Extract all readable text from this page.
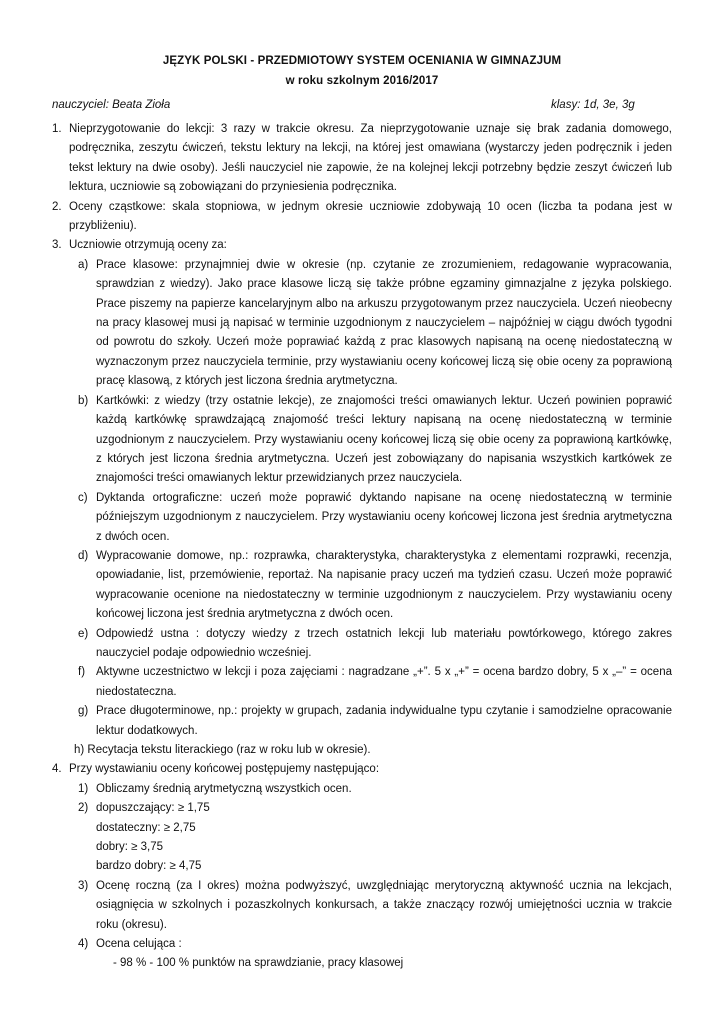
JĘZYK POLSKI - PRZEDMIOTOWY SYSTEM OCENIANIA W GIMNAZJUM
w roku szkolnym 2016/2017
nauczyciel: Beata Zioła	klasy: 1d, 3e, 3g
1. Nieprzygotowanie do lekcji: 3 razy w trakcie okresu. Za nieprzygotowanie uznaje się brak zadania domowego, podręcznika, zeszytu ćwiczeń, tekstu lektury na lekcji, na której jest omawiana (wystarczy jeden podręcznik i jeden tekst lektury na dwie osoby). Jeśli nauczyciel nie zapowie, że na kolejnej lekcji potrzebny będzie zeszyt ćwiczeń lub lektura, uczniowie są zobowiązani do przyniesienia podręcznika.
2. Oceny cząstkowe: skala stopniowa, w jednym okresie uczniowie zdobywają 10 ocen (liczba ta podana jest w przybliżeniu).
3. Uczniowie otrzymują oceny za:
a) Prace klasowe: przynajmniej dwie w okresie (np. czytanie ze zrozumieniem, redagowanie wypracowania, sprawdzian z wiedzy). Jako prace klasowe liczą się także próbne egzaminy gimnazjalne z języka polskiego. Prace piszemy na papierze kancelaryjnym albo na arkuszu przygotowanym przez nauczyciela. Uczeń nieobecny na pracy klasowej musi ją napisać w terminie uzgodnionym z nauczycielem – najpóźniej w ciągu dwóch tygodni od powrotu do szkoły. Uczeń może poprawiać każdą z prac klasowych napisaną na ocenę niedostateczną w wyznaczonym przez nauczyciela terminie, przy wystawianiu oceny końcowej liczą się obie oceny za poprawioną pracę klasową, z których jest liczona średnia arytmetyczna.
b) Kartkówki: z wiedzy (trzy ostatnie lekcje), ze znajomości treści omawianych lektur. Uczeń powinien poprawić każdą kartkówkę sprawdzającą znajomość treści lektury napisaną na ocenę niedostateczną w terminie uzgodnionym z nauczycielem. Przy wystawianiu oceny końcowej liczą się obie oceny za poprawioną kartkówkę, z których jest liczona średnia arytmetyczna. Uczeń jest zobowiązany do napisania wszystkich kartkówek ze znajomości treści omawianych lektur przewidzianych przez nauczyciela.
c) Dyktanda ortograficzne: uczeń może poprawić dyktando napisane na ocenę niedostateczną w terminie późniejszym uzgodnionym z nauczycielem. Przy wystawianiu oceny końcowej liczona jest średnia arytmetyczna z dwóch ocen.
d) Wypracowanie domowe, np.: rozprawka, charakterystyka, charakterystyka z elementami rozprawki, recenzja, opowiadanie, list, przemówienie, reportaż. Na napisanie pracy uczeń ma tydzień czasu. Uczeń może poprawić wypracowanie ocenione na niedostateczny w terminie uzgodnionym z nauczycielem. Przy wystawianiu oceny końcowej liczona jest średnia arytmetyczna z dwóch ocen.
e) Odpowiedź ustna : dotyczy wiedzy z trzech ostatnich lekcji lub materiału powtórkowego, którego zakres nauczyciel podaje odpowiednio wcześniej.
f) Aktywne uczestnictwo w lekcji i poza zajęciami : nagradzane „+”. 5 x „+” = ocena bardzo dobry, 5 x „–” = ocena niedostateczna.
g) Prace długoterminowe, np.: projekty w grupach, zadania indywidualne typu czytanie i samodzielne opracowanie lektur dodatkowych.
h) Recytacja tekstu literackiego (raz w roku lub w okresie).
4. Przy wystawianiu oceny końcowej postępujemy następująco:
1) Obliczamy średnią arytmetyczną wszystkich ocen.
2) dopuszczający: ≥ 1,75
dostateczny: ≥ 2,75
dobry: ≥ 3,75
bardzo dobry: ≥ 4,75
3) Ocenę roczną (za I okres) można podwyższyć, uwzględniając merytoryczną aktywność ucznia na lekcjach, osiągnięcia w szkolnych i pozaszkolnych konkursach, a także znaczący rozwój umiejętności ucznia w trakcie roku (okresu).
4) Ocena celująca :
- 98 % - 100 % punktów na sprawdzianie, pracy klasowej
